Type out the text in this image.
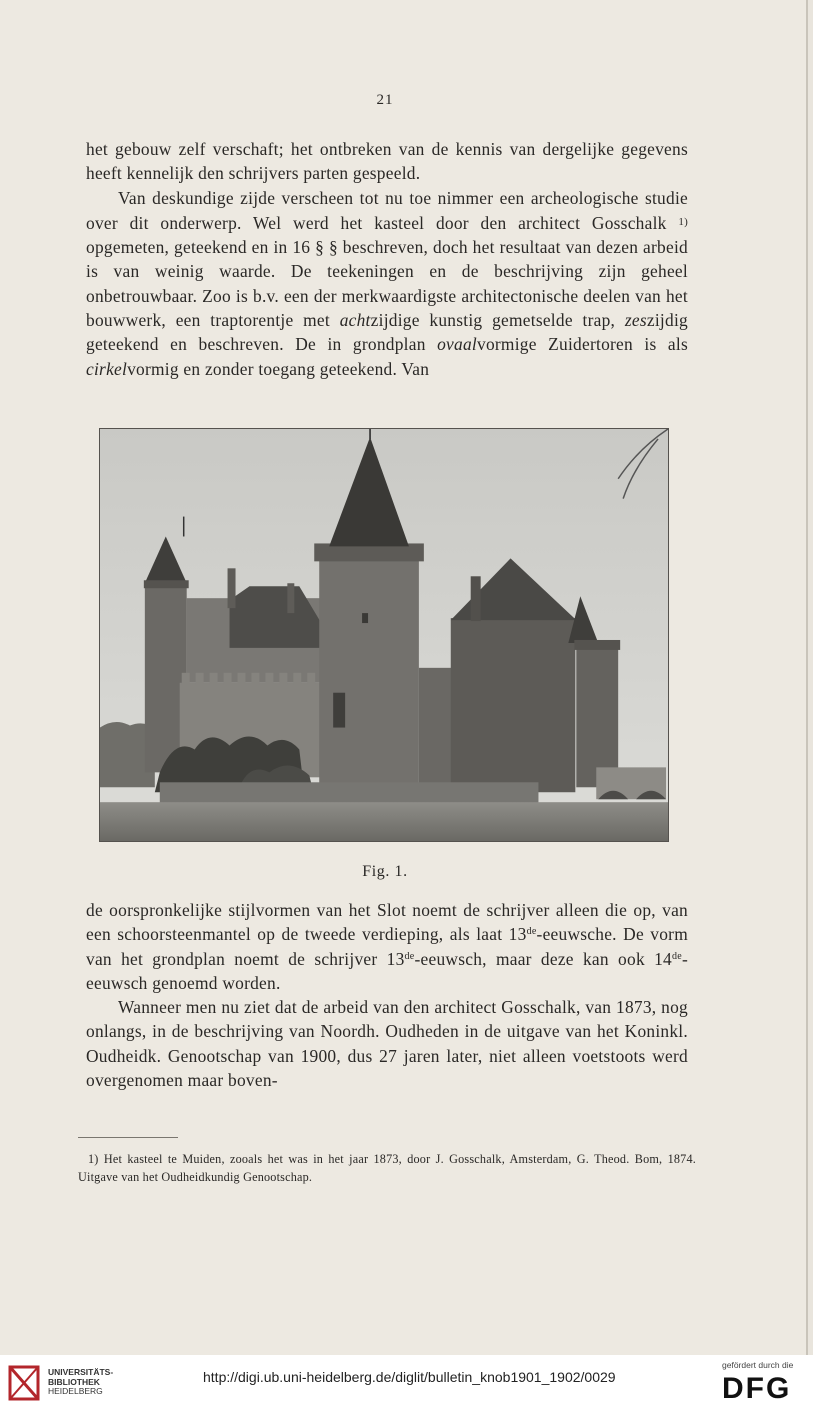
21

het gebouw zelf verschaft; het ontbreken van de kennis van dergelijke gegevens heeft kennelijk den schrijvers parten gespeeld.

Van deskundige zijde verscheen tot nu toe nimmer een archeologische studie over dit onderwerp. Wel werd het kasteel door den architect Gosschalk $^{1)}$ opgemeten, geteekend en in 16 § § beschreven, doch het resultaat van dezen arbeid is van weinig waarde. De teekeningen en de beschrijving zijn geheel onbetrouwbaar. Zoo is b.v. een der merkwaardigste architectonische deelen van het bouwwerk, een traptorentje met achtzijdige kunstig gemetselde trap, zeszijdig geteekend en beschreven. De in grondplan ovaalvormige Zuidertoren is als cirkelvormig en zonder toegang geteekend. Van

Fig. 1.

de oorspronkelijke stijlvormen van het Slot noemt de schrijver alleen die op, van een schoorsteenmantel op de tweede verdieping, als laat 13de-eeuwsche. De vorm van het grondplan noemt de schrijver 13de-eeuwsch, maar deze kan ook 14de-eeuwsch genoemd worden.

Wanneer men nu ziet dat de arbeid van den architect Gosschalk, van 1873, nog onlangs, in de beschrijving van Noordh. Oudheden in de uitgave van het Koninkl. Oudheidk. Genootschap van 1900, dus 27 jaren later, niet alleen voetstoots werd overgenomen maar boven-

1) Het kasteel te Muiden, zooals het was in het jaar 1873, door J. Gosschalk, Amsterdam, G. Theod. Bom, 1874. Uitgave van het Oudheidkundig Genootschap.

UNIVERSITÄTS-
BIBLIOTHEK
HEIDELBERG
http://digi.ub.uni-heidelberg.de/diglit/bulletin_knob1901_1902/0029
gefördert durch die
DFG
